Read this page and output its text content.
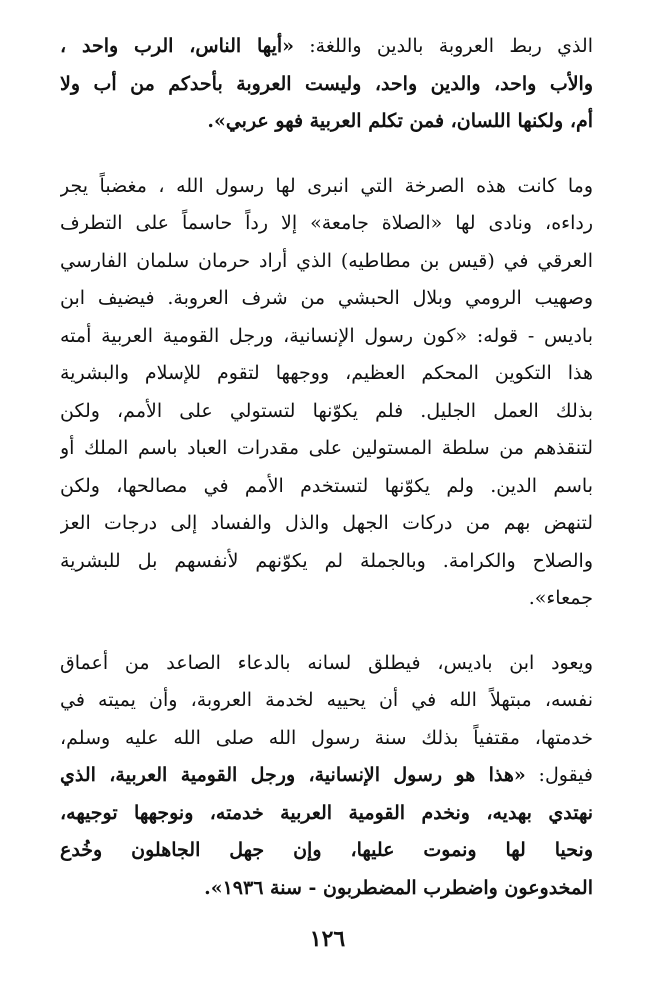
الذي ربط العروبة بالدين واللغة: «أيها الناس، الرب واحد ،
والأب واحد، والدين واحد، وليست العروبة بأحدكم من أب ولا
أم، ولكنها اللسان، فمن تكلم العربية فهو عربي».
وما كانت هذه الصرخة التي انبرى لها رسول الله ، مغضباً يجر
رداءه، ونادى لها «الصلاة جامعة» إلا رداً حاسماً على التطرف
العرقي في (قيس بن مطاطيه) الذي أراد حرمان سلمان الفارسي
وصهيب الرومي وبلال الحبشي من شرف العروبة. فيضيف ابن
باديس - قوله: «كون رسول الإنسانية، ورجل القومية العربية أمته
هذا التكوين المحكم العظيم، ووجهها لتقوم للإسلام والبشرية
بذلك العمل الجليل. فلم يكوّنها لتستولي على الأمم، ولكن
لتنقذهم من سلطة المستولين على مقدرات العباد باسم الملك أو
باسم الدين. ولم يكوّنها لتستخدم الأمم في مصالحها، ولكن
لتنهض بهم من دركات الجهل والذل والفساد إلى درجات العز
والصلاح والكرامة. وبالجملة لم يكوّنهم لأنفسهم بل للبشرية
جمعاء».
ويعود ابن باديس، فيطلق لسانه بالدعاء الصاعد من أعماق
نفسه، مبتهلاً الله في أن يحييه لخدمة العروبة، وأن يميته في
خدمتها، مقتفياً بذلك سنة رسول الله صلى الله عليه وسلم،
فيقول: «هذا هو رسول الإنسانية، ورجل القومية العربية، الذي
نهتدي بهديه، ونخدم القومية العربية خدمته، ونوجهها توجيهه،
ونحيا لها ونموت عليها، وإن جهل الجاهلون وخُدع
المخدوعون واضطرب المضطربون - سنة ١٩٣٦».
١٢٦
